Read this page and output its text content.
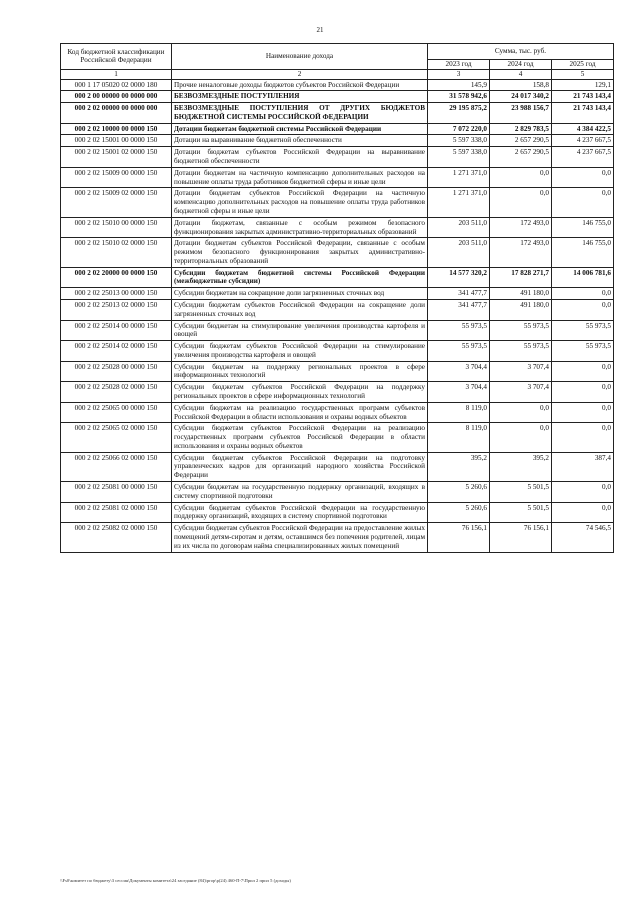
21
Код бюджетной классификации Российской Федерации	Наименование дохода	Сумма, тыс. руб.		
		2023 год	2024 год	2025 год
1	2	3	4	5
000 1 17 05020 02 0000 180	Прочие неналоговые доходы бюджетов субъектов Российской Федерации	145,9	158,8	129,1
000 2 00 00000 00 0000 000	БЕЗВОЗМЕЗДНЫЕ ПОСТУПЛЕНИЯ	31 578 942,6	24 017 340,2	21 743 143,4
000 2 02 00000 00 0000 000	БЕЗВОЗМЕЗДНЫЕ ПОСТУПЛЕНИЯ ОТ ДРУГИХ БЮДЖЕТОВ БЮДЖЕТНОЙ СИСТЕМЫ РОССИЙСКОЙ ФЕДЕРАЦИИ	29 195 875,2	23 988 156,7	21 743 143,4
000 2 02 10000 00 0000 150	Дотации бюджетам бюджетной системы Российской Федерации	7 072 220,0	2 829 783,5	4 384 422,5
000 2 02 15001 00 0000 150	Дотации на выравнивание бюджетной обеспеченности	5 597 338,0	2 657 290,5	4 237 667,5
000 2 02 15001 02 0000 150	Дотации бюджетам субъектов Российской Федерации на выравнивание бюджетной обеспеченности	5 597 338,0	2 657 290,5	4 237 667,5
000 2 02 15009 00 0000 150	Дотации бюджетам на частичную компенсацию дополнительных расходов на повышение оплаты труда работников бюджетной сферы и иные цели	1 271 371,0	0,0	0,0
000 2 02 15009 02 0000 150	Дотации бюджетам субъектов Российской Федерации на частичную компенсацию дополнительных расходов на повышение оплаты труда работников бюджетной сферы и иные цели	1 271 371,0	0,0	0,0
000 2 02 15010 00 0000 150	Дотации бюджетам, связанные с особым режимом безопасного функционирования закрытых административно-территориальных образований	203 511,0	172 493,0	146 755,0
000 2 02 15010 02 0000 150	Дотации бюджетам субъектов Российской Федерации, связанные с особым режимом безопасного функционирования закрытых административно-территориальных образований	203 511,0	172 493,0	146 755,0
000 2 02 20000 00 0000 150	Субсидии бюджетам бюджетной системы Российской Федерации (межбюджетные субсидии)	14 577 320,2	17 828 271,7	14 006 781,6
000 2 02 25013 00 0000 150	Субсидии бюджетам на сокращение доли загрязненных сточных вод	341 477,7	491 180,0	0,0
000 2 02 25013 02 0000 150	Субсидии бюджетам субъектов Российской Федерации на сокращение доли загрязненных сточных вод	341 477,7	491 180,0	0,0
000 2 02 25014 00 0000 150	Субсидии бюджетам на стимулирование увеличения производства картофеля и овощей	55 973,5	55 973,5	55 973,5
000 2 02 25014 02 0000 150	Субсидии бюджетам субъектов Российской Федерации на стимулирование увеличения производства картофеля и овощей	55 973,5	55 973,5	55 973,5
000 2 02 25028 00 0000 150	Субсидии бюджетам на поддержку региональных проектов в сфере информационных технологий	3 704,4	3 707,4	0,0
000 2 02 25028 02 0000 150	Субсидии бюджетам субъектов Российской Федерации на поддержку региональных проектов в сфере информационных технологий	3 704,4	3 707,4	0,0
000 2 02 25065 00 0000 150	Субсидии бюджетам на реализацию государственных программ субъектов Российской Федерации в области использования и охраны водных объектов	8 119,0	0,0	0,0
000 2 02 25065 02 0000 150	Субсидии бюджетам субъектов Российской Федерации на реализацию государственных программ субъектов Российской Федерации в области использования и охраны водных объектов	8 119,0	0,0	0,0
000 2 02 25066 02 0000 150	Субсидии бюджетам субъектов Российской Федерации на подготовку управленческих кадров для организаций народного хозяйства Российской Федерации	395,2	395,2	387,4
000 2 02 25081 00 0000 150	Субсидии бюджетам на государственную поддержку организаций, входящих в систему спортивной подготовки	5 260,6	5 501,5	0,0
000 2 02 25081 02 0000 150	Субсидии бюджетам субъектов Российской Федерации на государственную поддержку организаций, входящих в систему спортивной подготовки	5 260,6	5 501,5	0,0
000 2 02 25082 02 0000 150	Субсидии бюджетам субъектов Российской Федерации на предоставление жилых помещений детям-сиротам и детям, оставшимся без попечения родителей, лицам из их числа по договорам найма специализированных жилых помещений	76 156,1	76 156,1	74 546,5
\\Fs0\комитет по бюджету\3 сессия\Документы комитета\24 заседание (84)\prop\р(24) 460-П-7\Прил 2 прил 5 (доходы)
